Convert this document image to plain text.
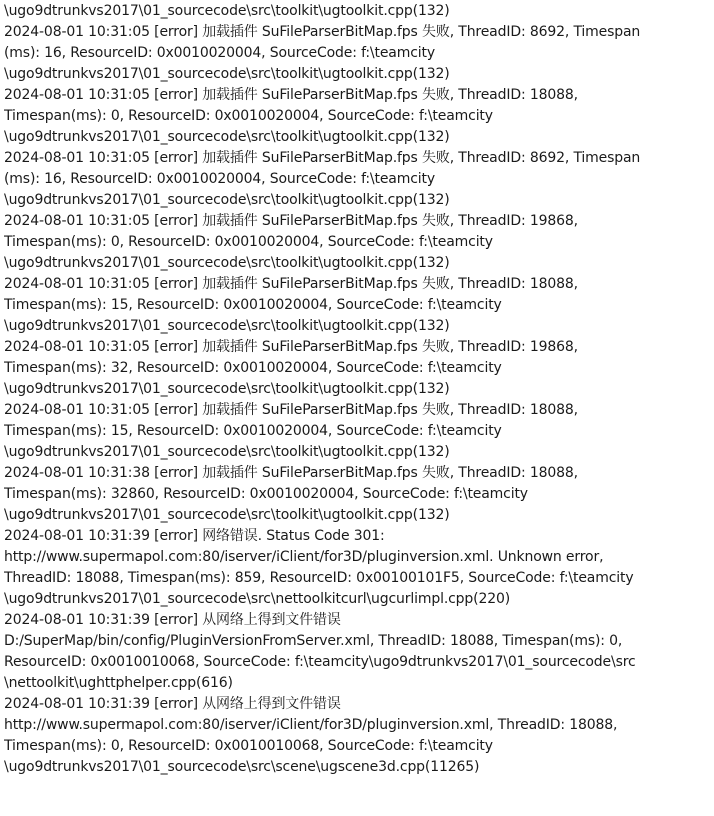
\ugo9dtrunkvs2017\01_sourcecode\src\toolkit\ugtoolkit.cpp(132)
2024-08-01 10:31:05 [error] 加载插件 SuFileParserBitMap.fps 失败, ThreadID: 8692, Timespan
(ms): 16, ResourceID: 0x0010020004, SourceCode: f:\teamcity
\ugo9dtrunkvs2017\01_sourcecode\src\toolkit\ugtoolkit.cpp(132)
2024-08-01 10:31:05 [error] 加载插件 SuFileParserBitMap.fps 失败, ThreadID: 18088,
Timespan(ms): 0, ResourceID: 0x0010020004, SourceCode: f:\teamcity
\ugo9dtrunkvs2017\01_sourcecode\src\toolkit\ugtoolkit.cpp(132)
2024-08-01 10:31:05 [error] 加载插件 SuFileParserBitMap.fps 失败, ThreadID: 8692, Timespan
(ms): 16, ResourceID: 0x0010020004, SourceCode: f:\teamcity
\ugo9dtrunkvs2017\01_sourcecode\src\toolkit\ugtoolkit.cpp(132)
2024-08-01 10:31:05 [error] 加载插件 SuFileParserBitMap.fps 失败, ThreadID: 19868,
Timespan(ms): 0, ResourceID: 0x0010020004, SourceCode: f:\teamcity
\ugo9dtrunkvs2017\01_sourcecode\src\toolkit\ugtoolkit.cpp(132)
2024-08-01 10:31:05 [error] 加载插件 SuFileParserBitMap.fps 失败, ThreadID: 18088,
Timespan(ms): 15, ResourceID: 0x0010020004, SourceCode: f:\teamcity
\ugo9dtrunkvs2017\01_sourcecode\src\toolkit\ugtoolkit.cpp(132)
2024-08-01 10:31:05 [error] 加载插件 SuFileParserBitMap.fps 失败, ThreadID: 19868,
Timespan(ms): 32, ResourceID: 0x0010020004, SourceCode: f:\teamcity
\ugo9dtrunkvs2017\01_sourcecode\src\toolkit\ugtoolkit.cpp(132)
2024-08-01 10:31:05 [error] 加载插件 SuFileParserBitMap.fps 失败, ThreadID: 18088,
Timespan(ms): 15, ResourceID: 0x0010020004, SourceCode: f:\teamcity
\ugo9dtrunkvs2017\01_sourcecode\src\toolkit\ugtoolkit.cpp(132)
2024-08-01 10:31:38 [error] 加载插件 SuFileParserBitMap.fps 失败, ThreadID: 18088,
Timespan(ms): 32860, ResourceID: 0x0010020004, SourceCode: f:\teamcity
\ugo9dtrunkvs2017\01_sourcecode\src\toolkit\ugtoolkit.cpp(132)
2024-08-01 10:31:39 [error] 网络错误. Status Code 301:
http://www.supermapol.com:80/iserver/iClient/for3D/pluginversion.xml. Unknown error,
ThreadID: 18088, Timespan(ms): 859, ResourceID: 0x00100101F5, SourceCode: f:\teamcity
\ugo9dtrunkvs2017\01_sourcecode\src\nettoolkitcurl\ugcurlimpl.cpp(220)
2024-08-01 10:31:39 [error] 从网络上得到文件错误
D:/SuperMap/bin/config/PluginVersionFromServer.xml, ThreadID: 18088, Timespan(ms): 0,
ResourceID: 0x0010010068, SourceCode: f:\teamcity\ugo9dtrunkvs2017\01_sourcecode\src
\nettoolkit\ughttphelper.cpp(616)
2024-08-01 10:31:39 [error] 从网络上得到文件错误
http://www.supermapol.com:80/iserver/iClient/for3D/pluginversion.xml, ThreadID: 18088,
Timespan(ms): 0, ResourceID: 0x0010010068, SourceCode: f:\teamcity
\ugo9dtrunkvs2017\01_sourcecode\src\scene\ugscene3d.cpp(11265)
